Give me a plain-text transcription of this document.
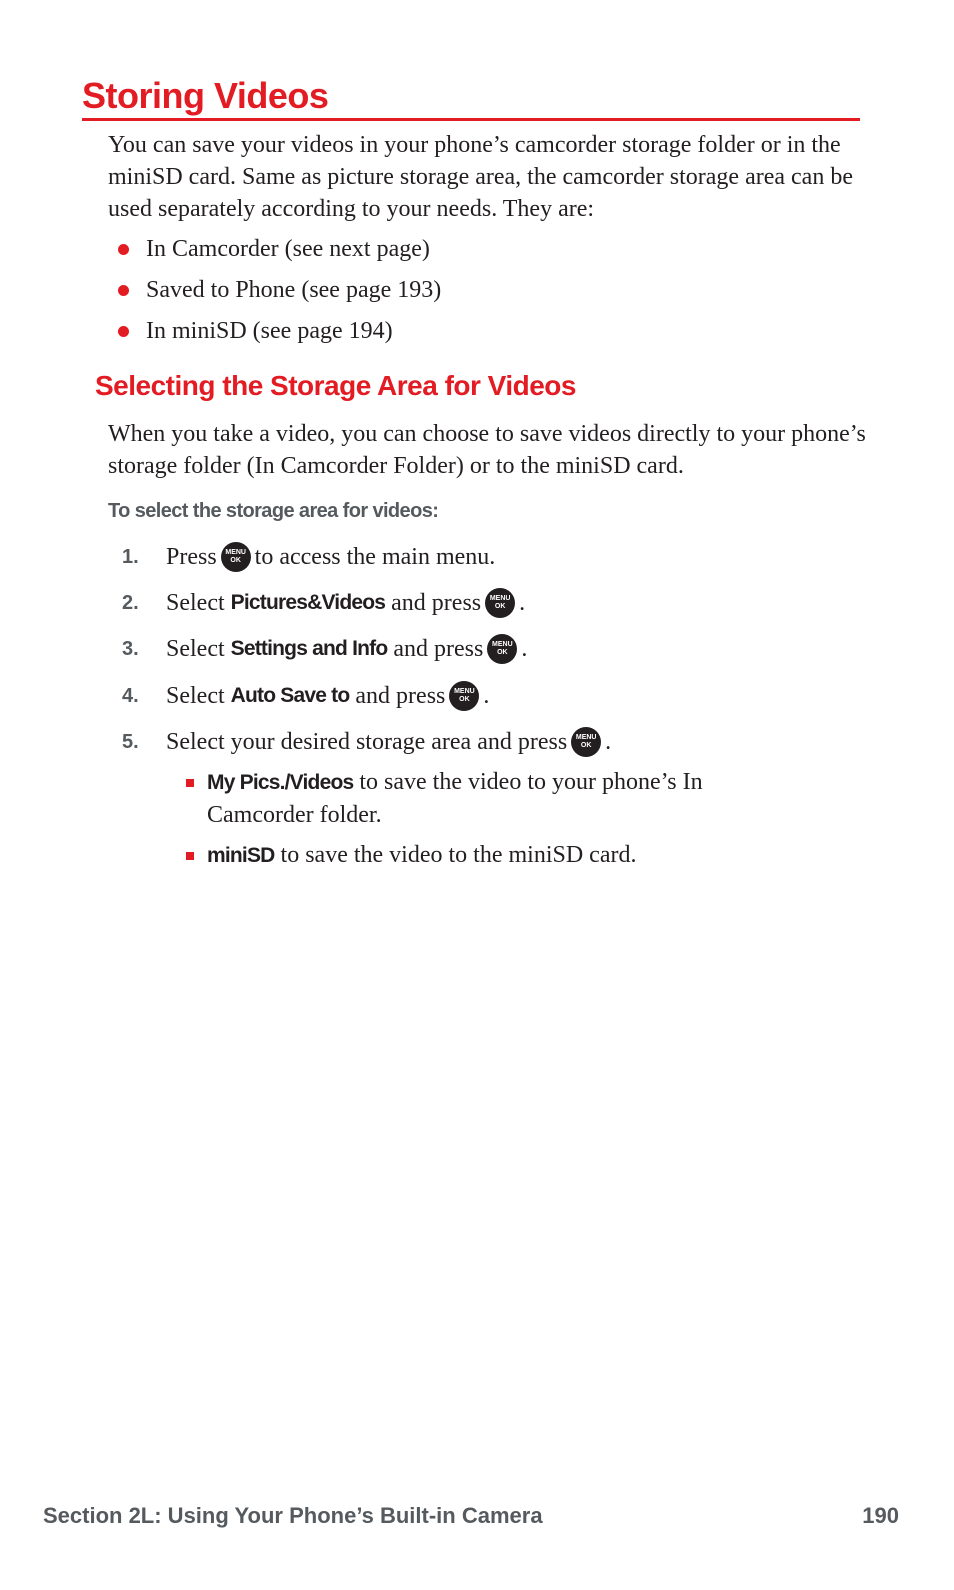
Storing Videos
You can save your videos in your phone’s camcorder storage folder or in the miniSD card. Same as picture storage area, the camcorder storage area can be used separately according to your needs. They are:
In Camcorder (see next page)
Saved to Phone (see page 193)
In miniSD (see page 194)
Selecting the Storage Area for Videos
When you take a video, you can choose to save videos directly to your phone’s storage folder (In Camcorder Folder) or to the miniSD card.
To select the storage area for videos:
1.	Press MENU
OK to access the main menu.
2.	Select
Pictures&Videos
and press MENU
OK .
3.	Select
Settings and Info
and press MENU
OK .
4.	Select
Auto Save to
and press MENU
OK .
5.	Select your desired storage area and press MENU
OK .
My Pics./Videos to save the video to your phone’s In Camcorder folder.
miniSD to save the video to the miniSD card.
Section 2L: Using Your Phone’s Built-in Camera	190
